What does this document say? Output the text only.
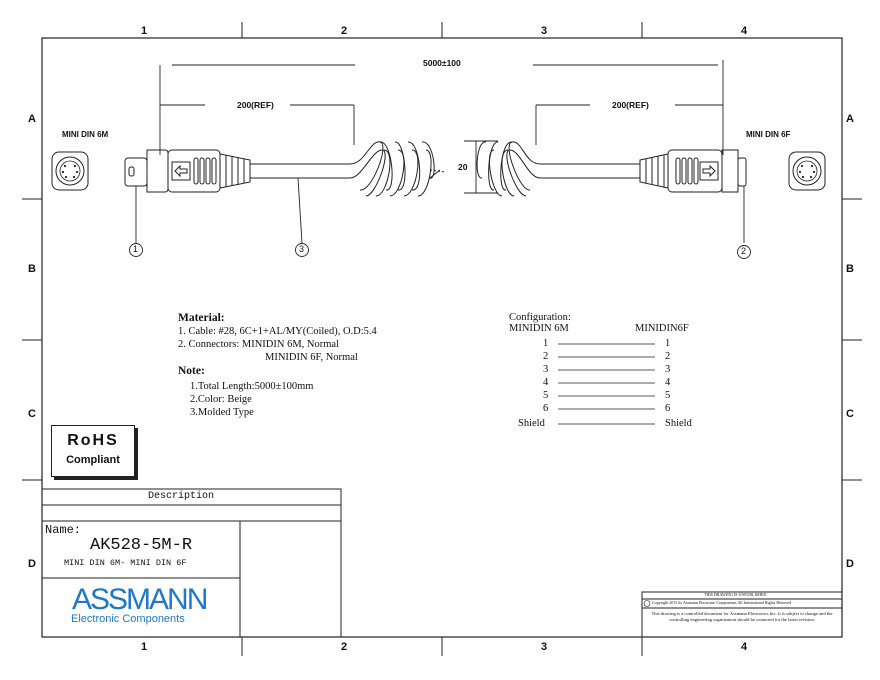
1	2	3	4
1	2	3	4
A
B
C
D
A
B
C
D
5000±100
200(REF)	200(REF)
20
MINI DIN 6M	MINI DIN 6F
1	3	2
Material:
1. Cable: #28, 6C+1+AL/MY(Coiled), O.D:5.4
2. Connectors: MINIDIN 6M, Normal
MINIDIN 6F, Normal
Note:
1.Total Length:5000±100mm
2.Color: Beige
3.Molded Type
Configuration:
MINIDIN 6M	MINIDIN6F
1	1
2	2
3	3
4	4
5	5
6	6
Shield	Shield
RoHS
Compliant
Description
Name:
AK528-5M-R
MINI DIN 6M- MINI DIN 6F
ASSMANN
Electronic Components
THIS DRAWING IS UNPUBLISHED
Copyright 2015 by Assmann Electronic Components All International Rights Reserved
This drawing is a controlled document for Assmann Electronics Inc. It is subject to change and the controlling engineering organization should be contacted for the latest revision.
